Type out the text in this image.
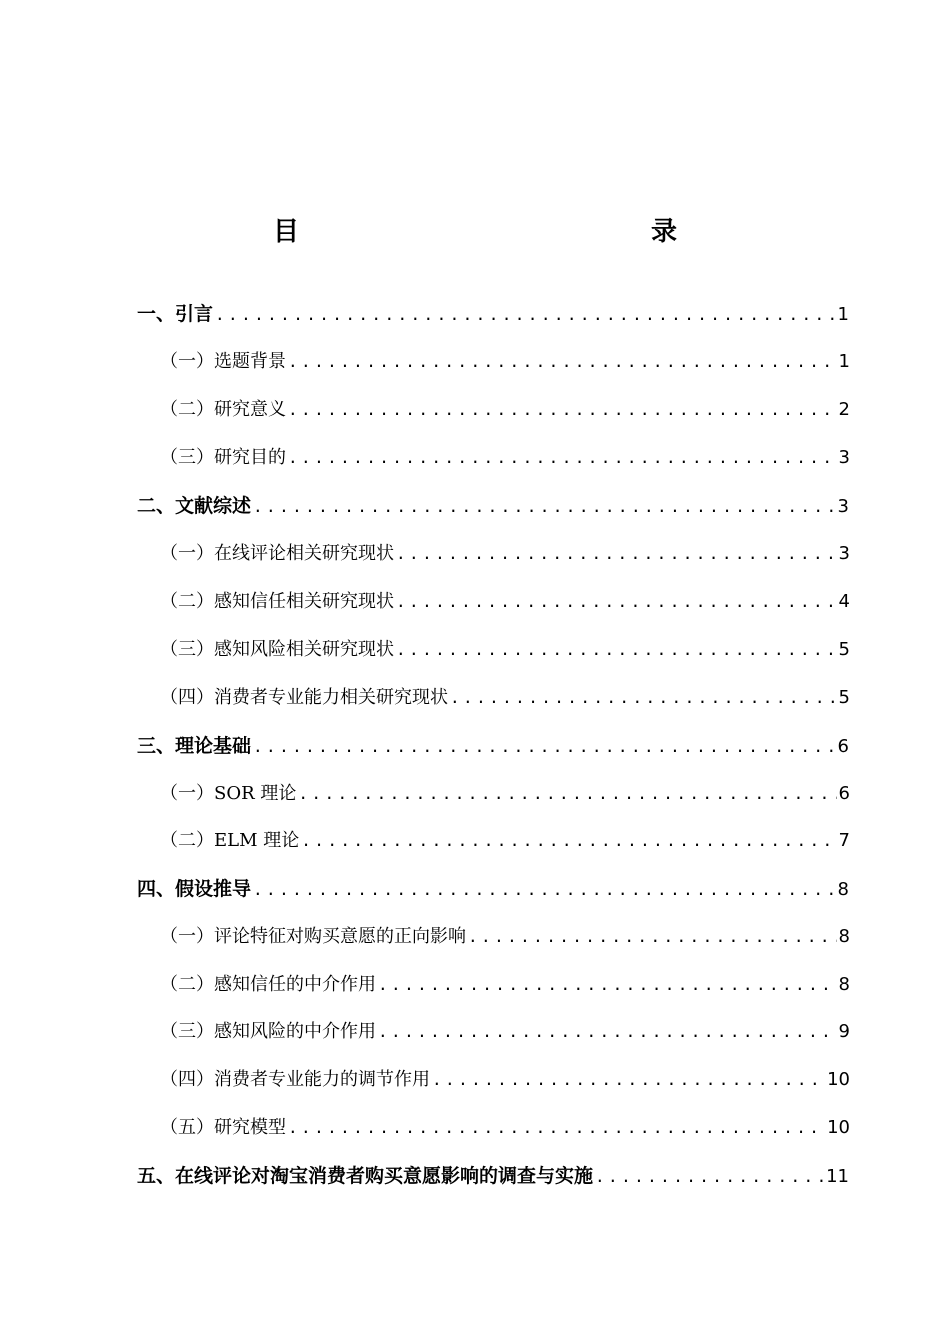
目　　录
一、引言 .....	1
（一）选题背景 .....	1
（二）研究意义 .....	2
（三）研究目的 .....	3
二、文献综述 .....	3
（一）在线评论相关研究现状 .....	3
（二）感知信任相关研究现状 .....	4
（三）感知风险相关研究现状 .....	5
（四）消费者专业能力相关研究现状 .....	5
三、理论基础 .....	6
（一）SOR 理论 .....	6
（二）ELM 理论 .....	7
四、假设推导 .....	8
（一）评论特征对购买意愿的正向影响 .....	8
（二）感知信任的中介作用 .....	8
（三）感知风险的中介作用 .....	9
（四）消费者专业能力的调节作用 .....	10
（五）研究模型 .....	10
五、在线评论对淘宝消费者购买意愿影响的调查与实施 .....	11
